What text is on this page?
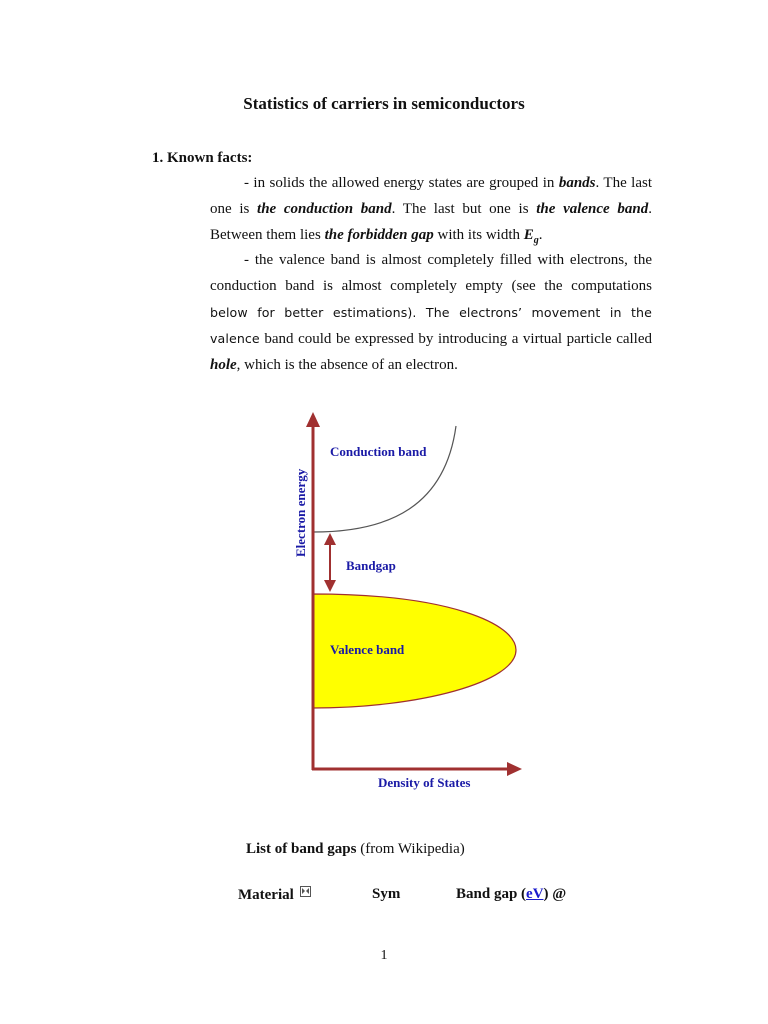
Statistics of carriers in semiconductors
1. Known facts:
- in solids the allowed energy states are grouped in bands. The last one is the conduction band. The last but one is the valence band. Between them lies the forbidden gap with its width $E_g$.
- the valence band is almost completely filled with electrons, the conduction band is almost completely empty (see the computations below for better estimations). The electrons’ movement in the valence band could be expressed by introducing a virtual particle called hole, which is the absence of an electron.
Electron energy
Conduction band
Bandgap
Valence band
Density of States
List of band gaps (from Wikipedia)
Material	Sym	Band gap (eV) @
1
